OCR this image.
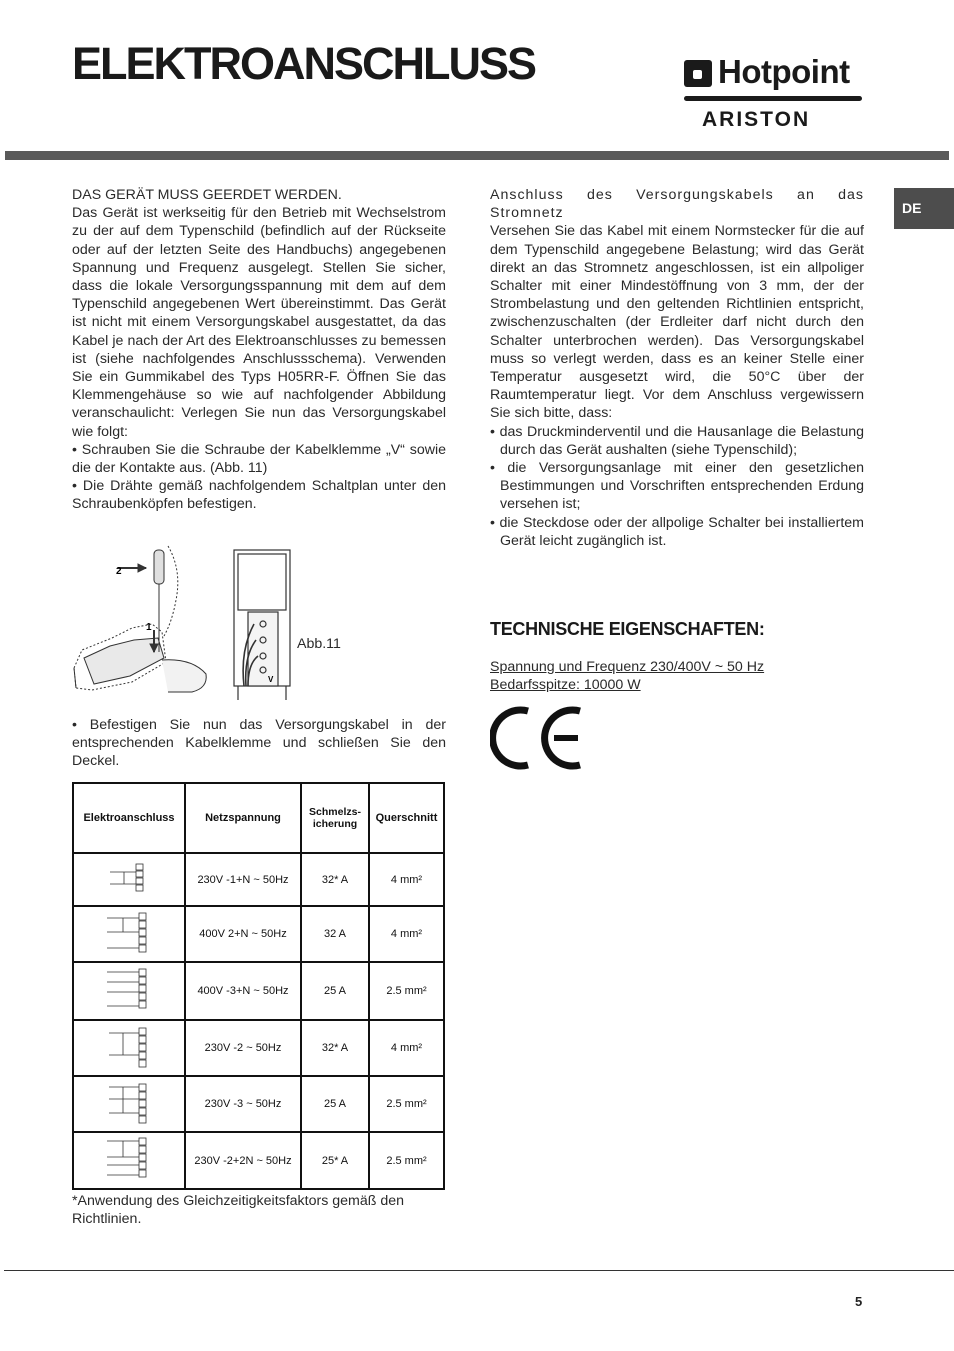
ELEKTROANSCHLUSS	Hotpoint
ARISTON
DE

DAS GERÄT MUSS GEERDET WERDEN.

Das Gerät ist werkseitig für den Betrieb mit Wechselstrom zu der auf dem Typenschild (befindlich auf der Rückseite oder auf der letzten Seite des Handbuchs) angegebenen Spannung und Frequenz ausgelegt. Stellen Sie sicher, dass die lokale Versorgungsspannung mit dem auf dem Typenschild angegebenen Wert übereinstimmt. Das Gerät ist nicht mit einem Versorgungskabel ausgestattet, da das Kabel je nach der Art des Elektroanschlusses zu bemessen ist (siehe nachfolgendes Anschlussschema). Verwenden Sie ein Gummikabel des Typs H05RR-F. Öffnen Sie das Klemmengehäuse so wie auf nachfolgender Abbildung veranschaulicht: Verlegen Sie nun das Versorgungskabel wie folgt:

• Schrauben Sie die Schraube der Kabelklemme „V“ sowie die der Kontakte aus. (Abb. 11)

• Die Drähte gemäß nachfolgendem Schaltplan unter den Schraubenköpfen befestigen.

2
1
V
Abb.11
• Befestigen Sie nun das Versorgungskabel in der entsprechenden Kabelklemme und schließen Sie den Deckel.
Elektroanschluss	Netzspannung	Schmelzs-icherung	Querschnitt
	230V -1+N ~ 50Hz	32* A	4 mm²
	400V 2+N ~ 50Hz	32 A	4 mm²
	400V -3+N ~ 50Hz	25 A	2.5 mm²
	230V -2 ~ 50Hz	32* A	4 mm²
	230V -3 ~ 50Hz	25 A	2.5 mm²
	230V -2+2N ~ 50Hz	25* A	2.5 mm²
*Anwendung des Gleichzeitigkeitsfaktors gemäß den Richtlinien.

Anschluss des Versorgungskabels an das Stromnetz

Versehen Sie das Kabel mit einem Normstecker für die auf dem Typenschild angegebene Belastung; wird das Gerät direkt an das Stromnetz angeschlossen, ist ein allpoliger Schalter mit einer Mindestöffnung von 3 mm, der der Strombelastung und den geltenden Richtlinien entspricht, zwischenzuschalten (der Erdleiter darf nicht durch den Schalter unterbrochen werden). Das Versorgungskabel muss so verlegt werden, dass es an keiner Stelle einer Temperatur ausgesetzt wird, die 50°C über der Raumtemperatur liegt. Vor dem Anschluss vergewissern Sie sich bitte, dass:

• das Druckminderventil und die Hausanlage die Belastung durch das Gerät aushalten (siehe Typenschild);

• die Versorgungsanlage mit einer den gesetzlichen Bestimmungen und Vorschriften entsprechenden Erdung versehen ist;

• die Steckdose oder der allpolige Schalter bei installiertem Gerät leicht zugänglich ist.

TECHNISCHE EIGENSCHAFTEN:
Spannung und Frequenz 230/400V ~ 50 Hz
Bedarfsspitze: 10000 W
5
